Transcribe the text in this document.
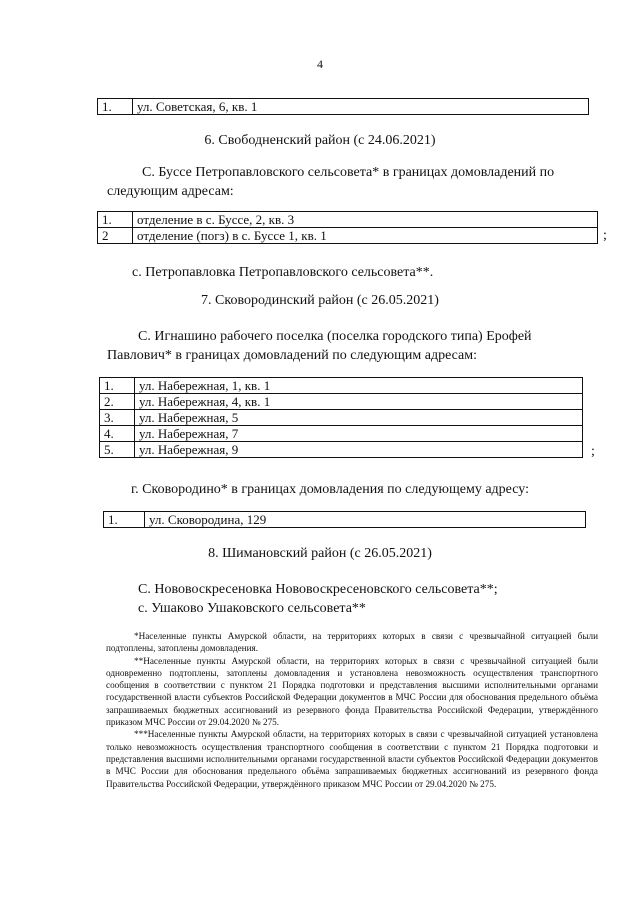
4
1.	ул. Советская, 6, кв. 1
6. Свободненский район (с 24.06.2021)
С. Буссе Петропавловского сельсовета* в границах домовладений по
следующим адресам:
1.	отделение в с. Буссе, 2, кв. 3
2	отделение (погз) в с. Буссе 1, кв. 1	;
с. Петропавловка Петропавловского сельсовета**.
7. Сковородинский район (с 26.05.2021)
С. Игнашино рабочего поселка (поселка городского типа) Ерофей
Павлович* в границах домовладений по следующим адресам:
1.	ул. Набережная, 1, кв. 1
2.	ул. Набережная, 4, кв. 1
3.	ул. Набережная, 5
4.	ул. Набережная, 7
5.	ул. Набережная, 9	;
г. Сковородино* в границах домовладения по следующему адресу:
1.	ул. Сковородина, 129
8. Шимановский район (с 26.05.2021)
С. Нововоскресеновка Нововоскресеновского сельсовета**;
с. Ушаково Ушаковского сельсовета**

*Населенные пункты Амурской области, на территориях которых в связи с чрезвычайной ситуацией были подтоплены, затоплены домовладения.

**Населенные пункты Амурской области, на территориях которых в связи с чрезвычайной ситуацией были одновременно подтоплены, затоплены домовладения и установлена невозможность осуществления транспортного сообщения в соответствии с пунктом 21 Порядка подготовки и представления высшими исполнительными органами государственной власти субъектов Российской Федерации документов в МЧС России для обоснования предельного объёма запрашиваемых бюджетных ассигнований из резервного фонда Правительства Российской Федерации, утверждённого приказом МЧС России от 29.04.2020 № 275.

***Населенные пункты Амурской области, на территориях которых в связи с чрезвычайной ситуацией установлена только невозможность осуществления транспортного сообщения в соответствии с пунктом 21 Порядка подготовки и представления высшими исполнительными органами государственной власти субъектов Российской Федерации документов в МЧС России для обоснования предельного объёма запрашиваемых бюджетных ассигнований из резервного фонда Правительства Российской Федерации, утверждённого приказом МЧС России от 29.04.2020 № 275.
